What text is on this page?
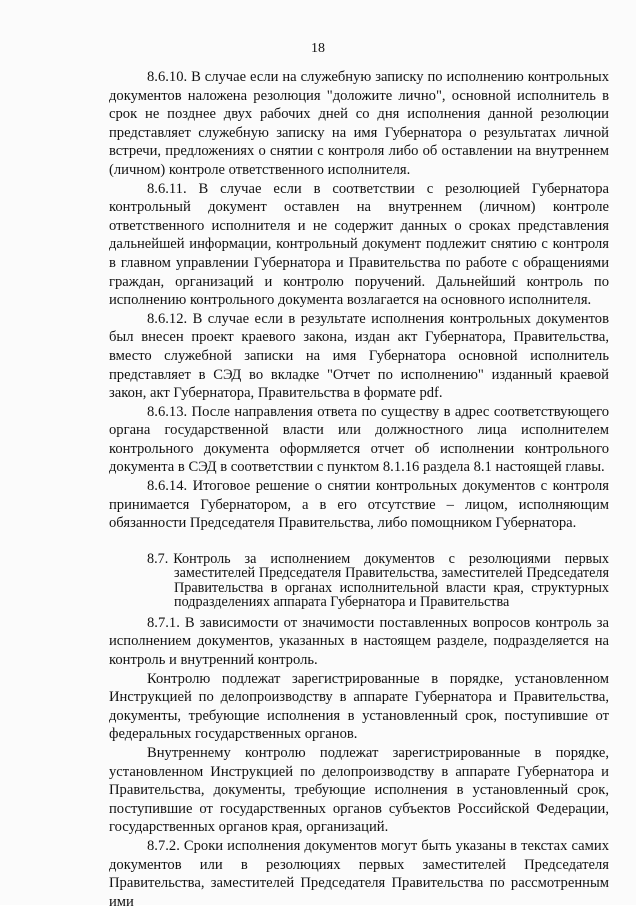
18

8.6.10. В случае если на служебную записку по исполнению контрольных документов наложена резолюция "доложите лично", основной исполнитель в срок не позднее двух рабочих дней со дня исполнения данной резолюции представляет служебную записку на имя Губернатора о результатах личной встречи, предложениях о снятии с контроля либо об оставлении на внутреннем (личном) контроле ответственного исполнителя.

8.6.11. В случае если в соответствии с резолюцией Губернатора контрольный документ оставлен на внутреннем (личном) контроле ответственного исполнителя и не содержит данных о сроках представления дальнейшей информации, контрольный документ подлежит снятию с контроля в главном управлении Губернатора и Правительства по работе с обращениями граждан, организаций и контролю поручений. Дальнейший контроль по исполнению контрольного документа возлагается на основного исполнителя.

8.6.12. В случае если в результате исполнения контрольных документов был внесен проект краевого закона, издан акт Губернатора, Правительства, вместо служебной записки на имя Губернатора основной исполнитель представляет в СЭД во вкладке "Отчет по исполнению" изданный краевой закон, акт Губернатора, Правительства в формате pdf.

8.6.13. После направления ответа по существу в адрес соответствующего органа государственной власти или должностного лица исполнителем контрольного документа оформляется отчет об исполнении контрольного документа в СЭД в соответствии с пунктом 8.1.16 раздела 8.1 настоящей главы.

8.6.14. Итоговое решение о снятии контрольных документов с контроля принимается Губернатором, а в его отсутствие – лицом, исполняющим обязанности Председателя Правительства, либо помощником Губернатора.

8.7. Контроль за исполнением документов с резолюциями первых заместителей Председателя Правительства, заместителей Председателя Правительства в органах исполнительной власти края, структурных подразделениях аппарата Губернатора и Правительства

8.7.1. В зависимости от значимости поставленных вопросов контроль за исполнением документов, указанных в настоящем разделе, подразделяется на контроль и внутренний контроль.

Контролю подлежат зарегистрированные в порядке, установленном Инструкцией по делопроизводству в аппарате Губернатора и Правительства, документы, требующие исполнения в установленный срок, поступившие от федеральных государственных органов.

Внутреннему контролю подлежат зарегистрированные в порядке, установленном Инструкцией по делопроизводству в аппарате Губернатора и Правительства, документы, требующие исполнения в установленный срок, поступившие от государственных органов субъектов Российской Федерации, государственных органов края, организаций.

8.7.2. Сроки исполнения документов могут быть указаны в текстах самих документов или в резолюциях первых заместителей Председателя Правительства, заместителей Председателя Правительства по рассмотренным ими
